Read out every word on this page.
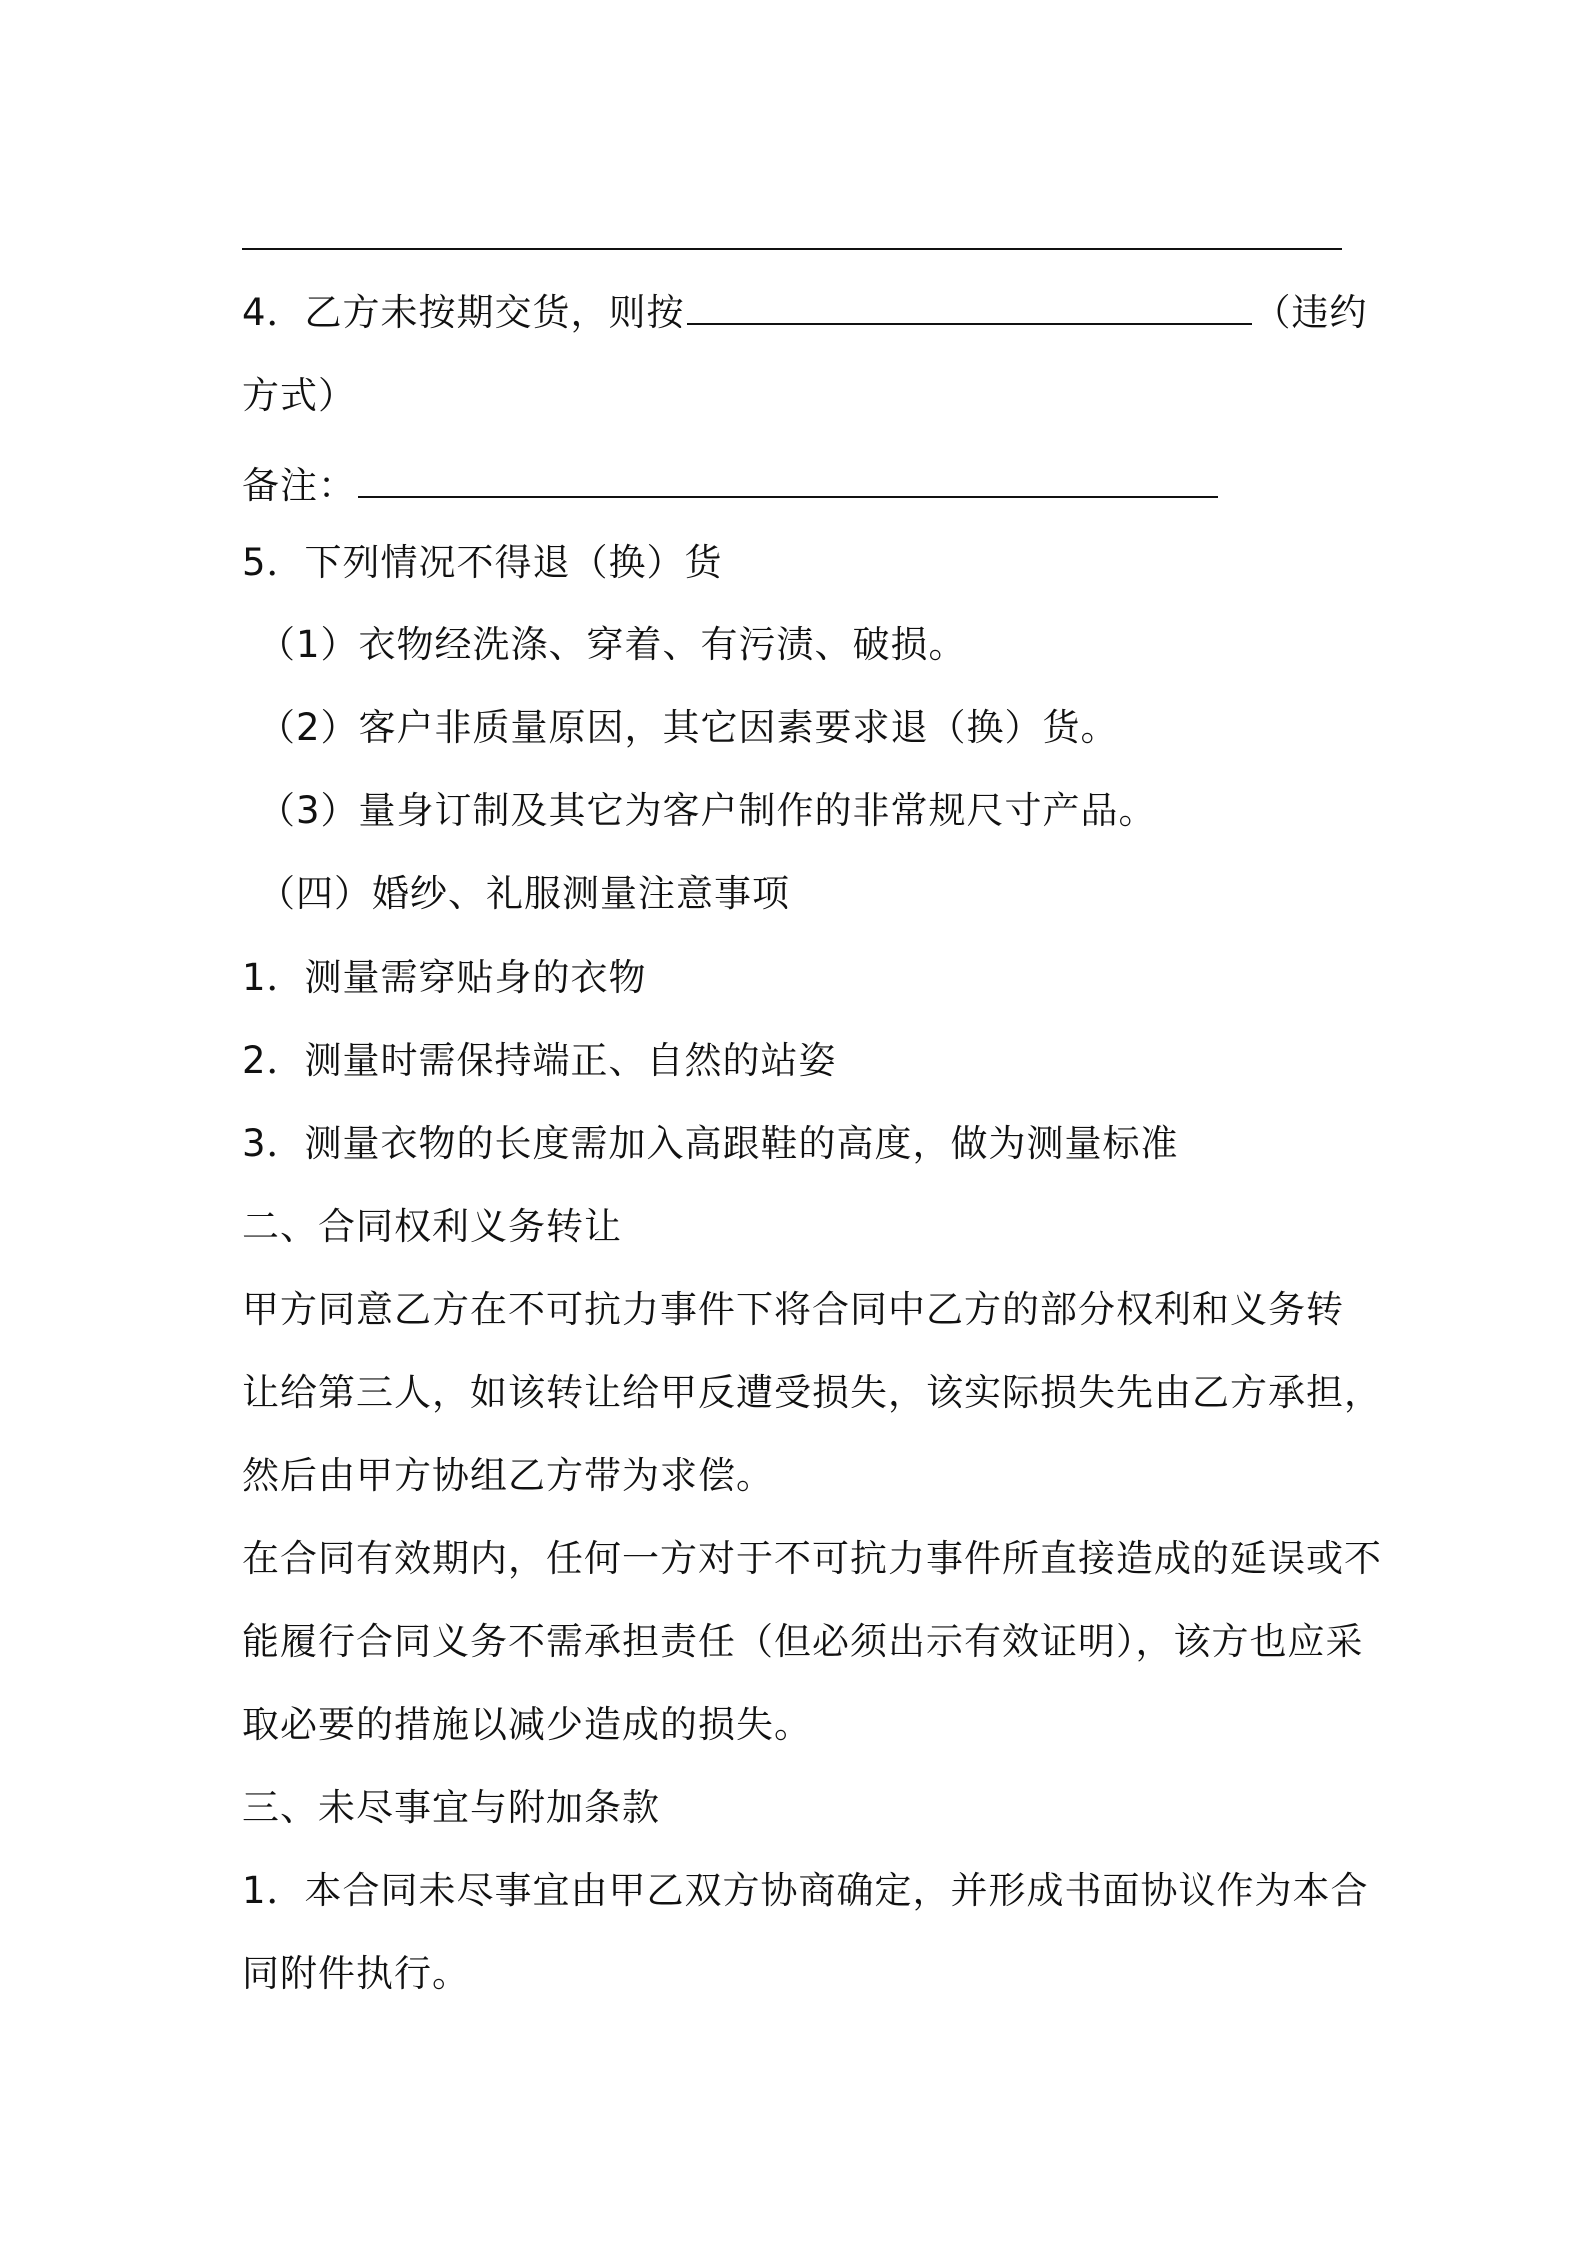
4．乙方未按期交货，则按	（违约
方式）
备注：
5．下列情况不得退（换）货
（1）衣物经洗涤、穿着、有污渍、破损。
（2）客户非质量原因，其它因素要求退（换）货。
（3）量身订制及其它为客户制作的非常规尺寸产品。
（四）婚纱、礼服测量注意事项
1．测量需穿贴身的衣物
2．测量时需保持端正、自然的站姿
3．测量衣物的长度需加入高跟鞋的高度，做为测量标准
二、合同权利义务转让
甲方同意乙方在不可抗力事件下将合同中乙方的部分权利和义务转
让给第三人，如该转让给甲反遭受损失，该实际损失先由乙方承担，
然后由甲方协组乙方带为求偿。
在合同有效期内，任何一方对于不可抗力事件所直接造成的延误或不
能履行合同义务不需承担责任（但必须出示有效证明），该方也应采
取必要的措施以减少造成的损失。
三、未尽事宜与附加条款
1．本合同未尽事宜由甲乙双方协商确定，并形成书面协议作为本合
同附件执行。
